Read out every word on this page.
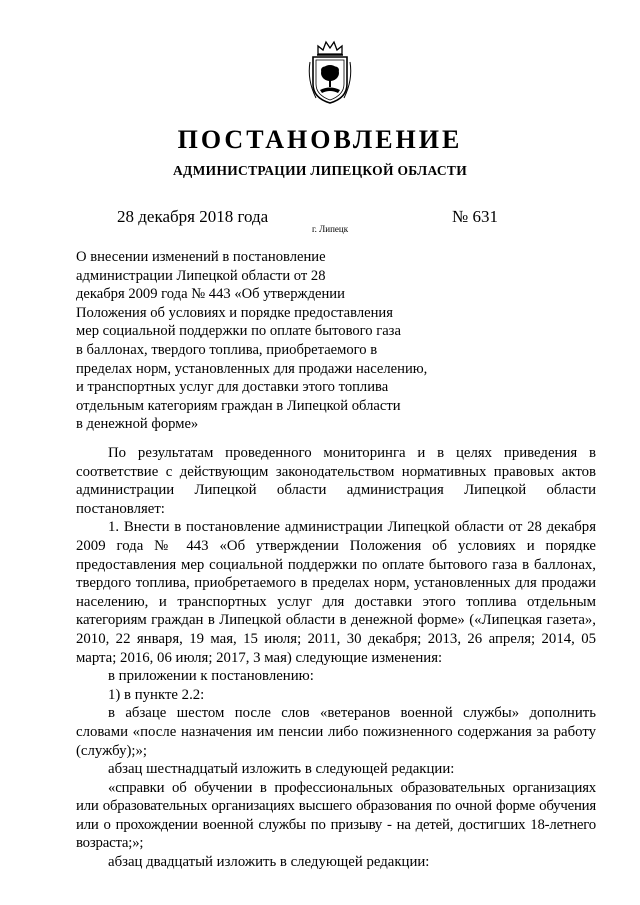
ПОСТАНОВЛЕНИЕ
АДМИНИСТРАЦИИ ЛИПЕЦКОЙ ОБЛАСТИ
28 декабря 2018 года
г. Липецк
№ 631
О внесении изменений в постановление
администрации Липецкой области от 28
декабря 2009 года № 443 «Об утверждении
Положения об условиях и порядке предоставления
мер социальной поддержки по оплате бытового газа
в баллонах, твердого топлива, приобретаемого в
пределах норм, установленных для продажи населению,
и транспортных услуг для доставки этого топлива
отдельным категориям граждан в Липецкой области
в денежной форме»

По результатам проведенного мониторинга и в целях приведения в соответствие с действующим законодательством нормативных правовых актов администрации Липецкой области администрация Липецкой области постановляет:

1. Внести в постановление администрации Липецкой области от 28 декабря 2009 года № 443 «Об утверждении Положения об условиях и порядке предоставления мер социальной поддержки по оплате бытового газа в баллонах, твердого топлива, приобретаемого в пределах норм, установленных для продажи населению, и транспортных услуг для доставки этого топлива отдельным категориям граждан в Липецкой области в денежной форме» («Липецкая газета», 2010, 22 января, 19 мая, 15 июля; 2011, 30 декабря; 2013, 26 апреля; 2014, 05 марта; 2016, 06 июля; 2017, 3 мая) следующие изменения:

в приложении к постановлению:

1) в пункте 2.2:

в абзаце шестом после слов «ветеранов военной службы» дополнить словами «после назначения им пенсии либо пожизненного содержания за работу (службу);»;

абзац шестнадцатый изложить в следующей редакции:

«справки об обучении в профессиональных образовательных организациях или образовательных организациях высшего образования по очной форме обучения или о прохождении военной службы по призыву - на детей, достигших 18-летнего возраста;»;

абзац двадцатый изложить в следующей редакции:
